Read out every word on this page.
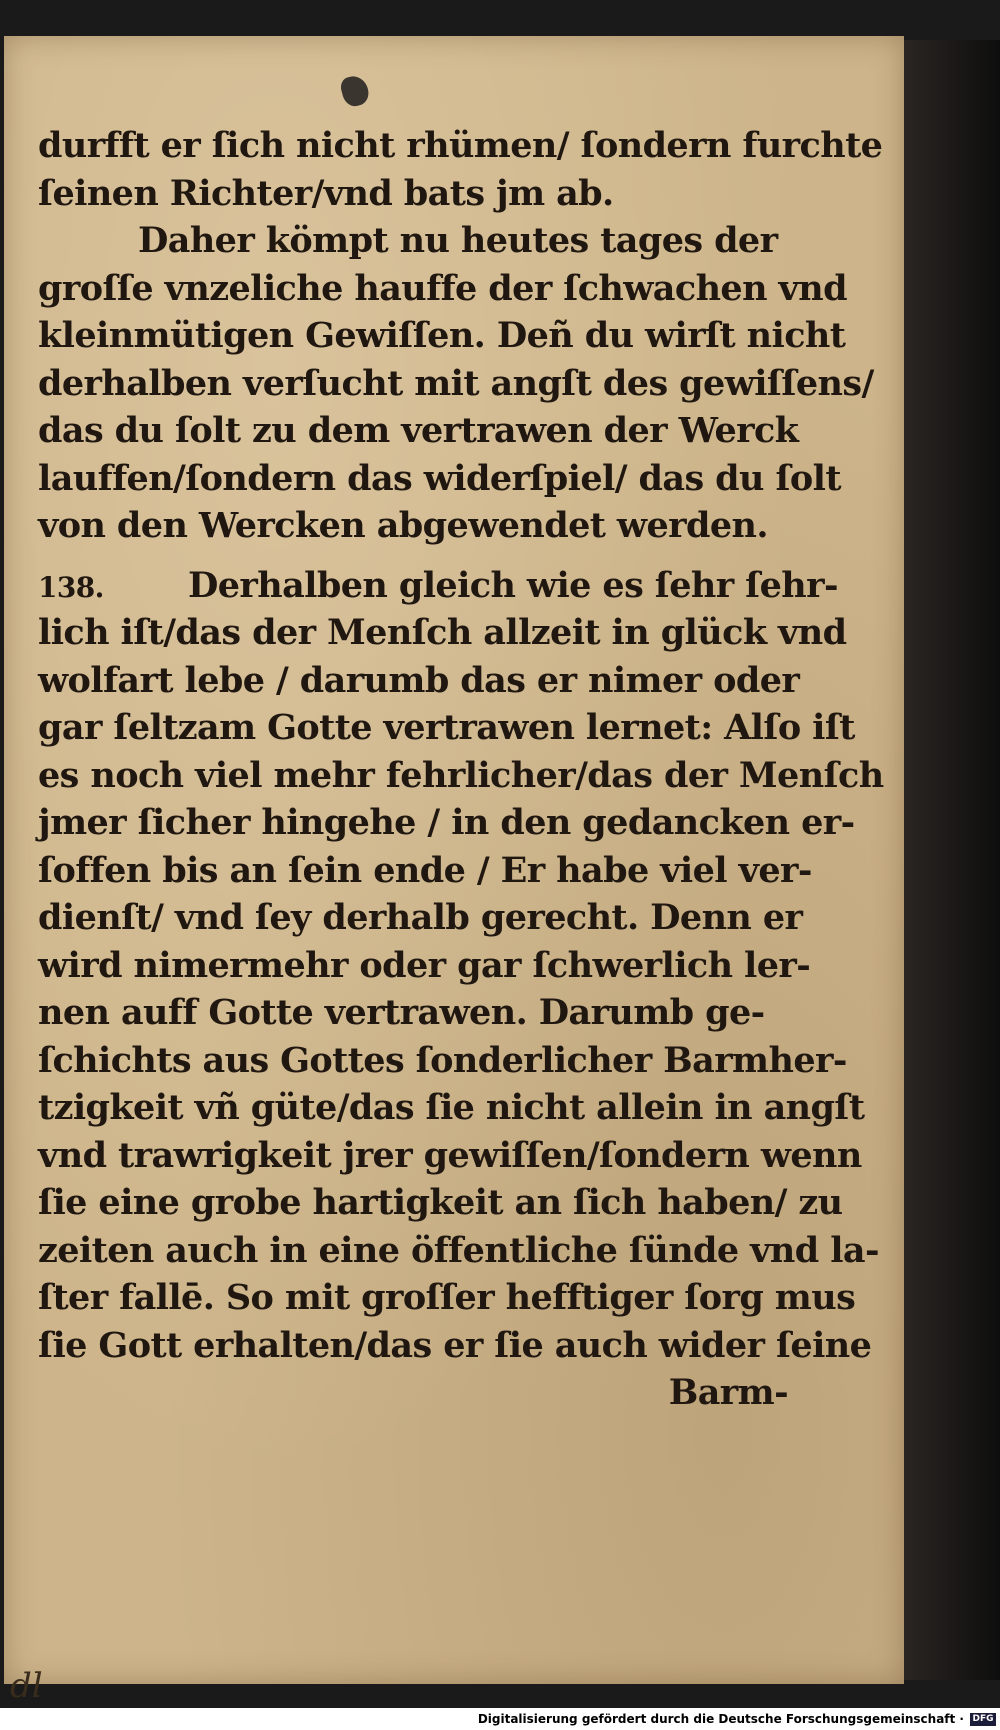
durfft er ſich nicht rhümen/ ſondern furchte
ſeinen Richter/vnd bats jm ab.
Daher kömpt nu heutes tages der
groſſe vnzeliche hauffe der ſchwachen vnd
kleinmütigen Gewiſſen. Deñ du wirſt nicht
derhalben verſucht mit angſt des gewiſſens/
das du ſolt zu dem vertrawen der Werck
lauffen/ſondern das widerſpiel/ das du ſolt
von den Wercken abgewendet werden.
138. Derhalben gleich wie es ſehr ſehr-
lich iſt/das der Menſch allzeit in glück vnd
wolfart lebe / darumb das er nimer oder
gar ſeltzam Gotte vertrawen lernet: Alſo iſt
es noch viel mehr fehrlicher/das der Menſch
jmer ſicher hingehe / in den gedancken er-
ſoffen bis an ſein ende / Er habe viel ver-
dienſt/ vnd ſey derhalb gerecht. Denn er
wird nimermehr oder gar ſchwerlich ler-
nen auff Gotte vertrawen. Darumb ge-
ſchichts aus Gottes ſonderlicher Barmher-
tzigkeit vñ güte/das ſie nicht allein in angſt
vnd trawrigkeit jrer gewiſſen/ſondern wenn
ſie eine grobe hartigkeit an ſich haben/ zu
zeiten auch in eine öffentliche ſünde vnd la-
ſter fallē. So mit groſſer hefftiger ſorg mus
ſie Gott erhalten/das er ſie auch wider ſeine
Barm-
dl
Digitalisierung gefördert durch die Deutsche Forschungsgemeinschaft · DFG
